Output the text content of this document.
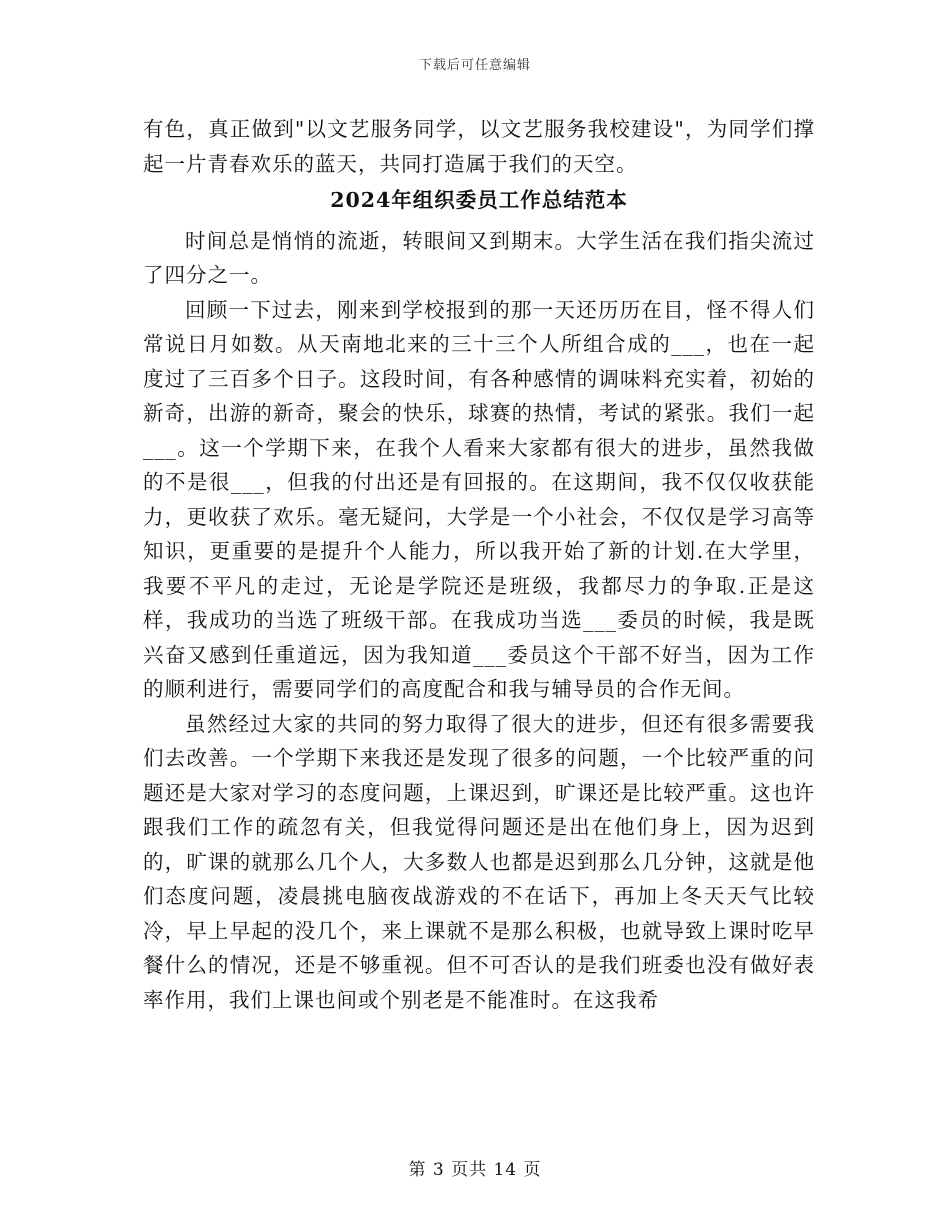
下载后可任意编辑

有色，真正做到"以文艺服务同学，以文艺服务我校建设"，为同学们撑起一片青春欢乐的蓝天，共同打造属于我们的天空。

2024年组织委员工作总结范本

时间总是悄悄的流逝，转眼间又到期末。大学生活在我们指尖流过了四分之一。

回顾一下过去，刚来到学校报到的那一天还历历在目，怪不得人们常说日月如数。从天南地北来的三十三个人所组合成的___，也在一起度过了三百多个日子。这段时间，有各种感情的调味料充实着，初始的新奇，出游的新奇，聚会的快乐，球赛的热情，考试的紧张。我们一起___。这一个学期下来，在我个人看来大家都有很大的进步，虽然我做的不是很___，但我的付出还是有回报的。在这期间，我不仅仅收获能力，更收获了欢乐。毫无疑问，大学是一个小社会，不仅仅是学习高等知识，更重要的是提升个人能力，所以我开始了新的计划.在大学里，我要不平凡的走过，无论是学院还是班级，我都尽力的争取.正是这样，我成功的当选了班级干部。在我成功当选___委员的时候，我是既兴奋又感到任重道远，因为我知道___委员这个干部不好当，因为工作的顺利进行，需要同学们的高度配合和我与辅导员的合作无间。

虽然经过大家的共同的努力取得了很大的进步，但还有很多需要我们去改善。一个学期下来我还是发现了很多的问题，一个比较严重的问题还是大家对学习的态度问题，上课迟到，旷课还是比较严重。这也许跟我们工作的疏忽有关，但我觉得问题还是出在他们身上，因为迟到的，旷课的就那么几个人，大多数人也都是迟到那么几分钟，这就是他们态度问题，凌晨挑电脑夜战游戏的不在话下，再加上冬天天气比较冷，早上早起的没几个，来上课就不是那么积极，也就导致上课时吃早餐什么的情况，还是不够重视。但不可否认的是我们班委也没有做好表率作用，我们上课也间或个别老是不能准时。在这我希

第 3 页共 14 页
